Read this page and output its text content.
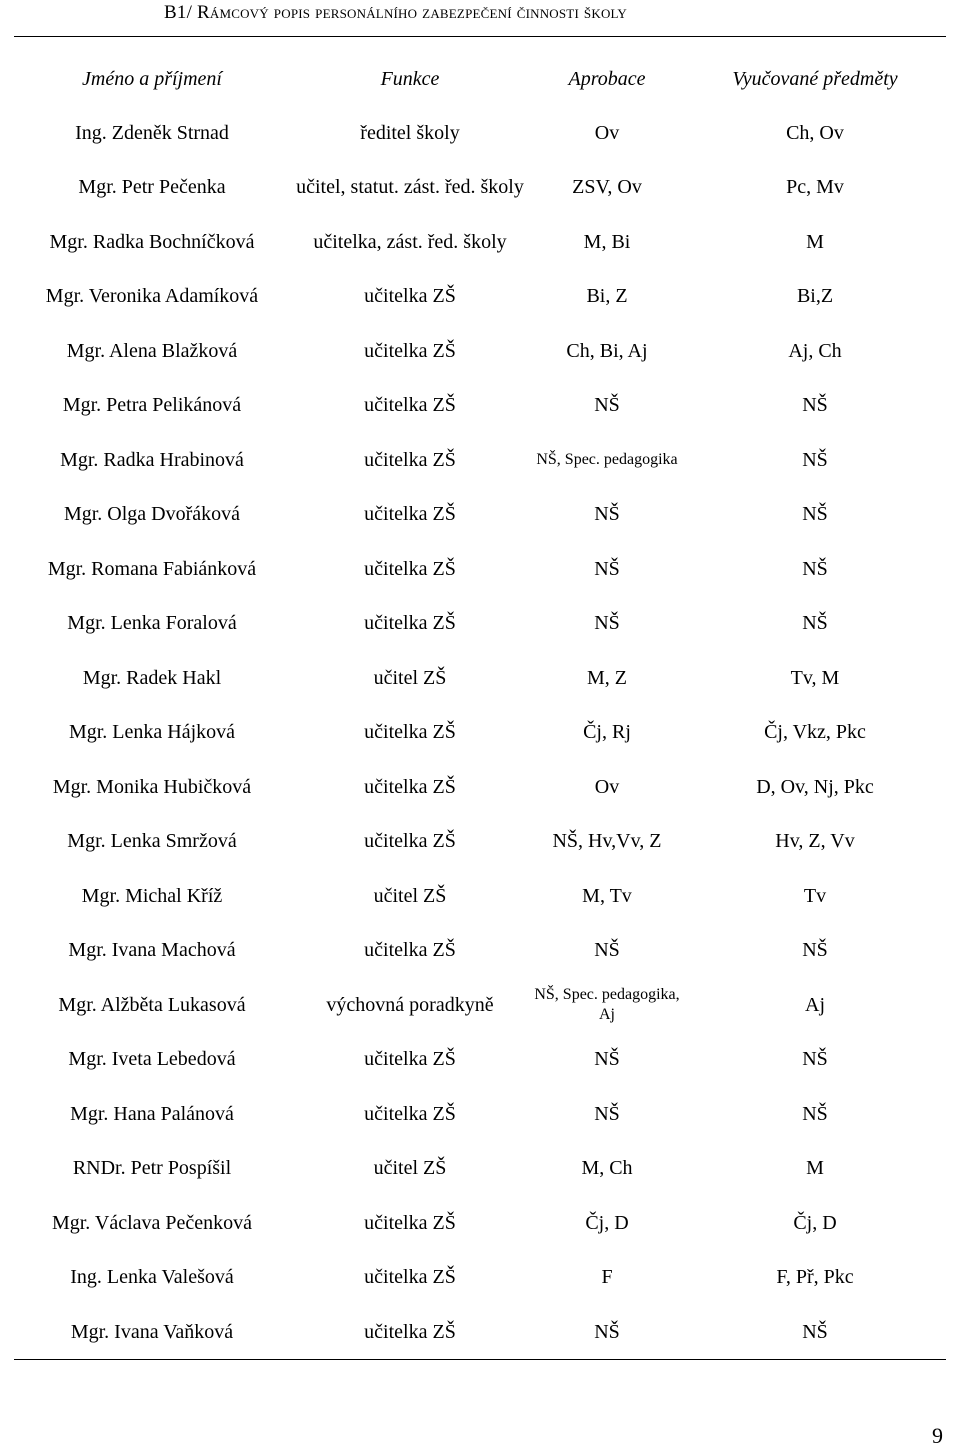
B1/ Rámcový popis personálního zabezpečení činnosti školy
Jméno a příjmení	Funkce	Aprobace	Vyučované předměty
Ing. Zdeněk Strnad	ředitel školy	Ov	Ch, Ov
Mgr. Petr Pečenka	učitel, statut. zást. řed. školy	ZSV, Ov	Pc, Mv
Mgr. Radka Bochníčková	učitelka, zást. řed. školy	M, Bi	M
Mgr. Veronika Adamíková	učitelka ZŠ	Bi, Z	Bi,Z
Mgr. Alena Blažková	učitelka ZŠ	Ch, Bi, Aj	Aj, Ch
Mgr. Petra Pelikánová	učitelka ZŠ	NŠ	NŠ
Mgr. Radka Hrabinová	učitelka ZŠ	NŠ, Spec. pedagogika	NŠ
Mgr. Olga Dvořáková	učitelka ZŠ	NŠ	NŠ
Mgr. Romana Fabiánková	učitelka ZŠ	NŠ	NŠ
Mgr. Lenka Foralová	učitelka ZŠ	NŠ	NŠ
Mgr. Radek Hakl	učitel ZŠ	M, Z	Tv, M
Mgr. Lenka Hájková	učitelka ZŠ	Čj, Rj	Čj, Vkz, Pkc
Mgr. Monika Hubičková	učitelka ZŠ	Ov	D, Ov, Nj, Pkc
Mgr. Lenka Smržová	učitelka ZŠ	NŠ, Hv,Vv, Z	Hv, Z, Vv
Mgr. Michal Kříž	učitel ZŠ	M, Tv	Tv
Mgr. Ivana Machová	učitelka ZŠ	NŠ	NŠ
Mgr. Alžběta Lukasová	výchovná poradkyně	NŠ, Spec. pedagogika, Aj	Aj
Mgr. Iveta Lebedová	učitelka ZŠ	NŠ	NŠ
Mgr. Hana Palánová	učitelka ZŠ	NŠ	NŠ
RNDr. Petr Pospíšil	učitel ZŠ	M, Ch	M
Mgr. Václava Pečenková	učitelka ZŠ	Čj, D	Čj, D
Ing. Lenka Valešová	učitelka ZŠ	F	F, Př, Pkc
Mgr. Ivana Vaňková	učitelka ZŠ	NŠ	NŠ
9
